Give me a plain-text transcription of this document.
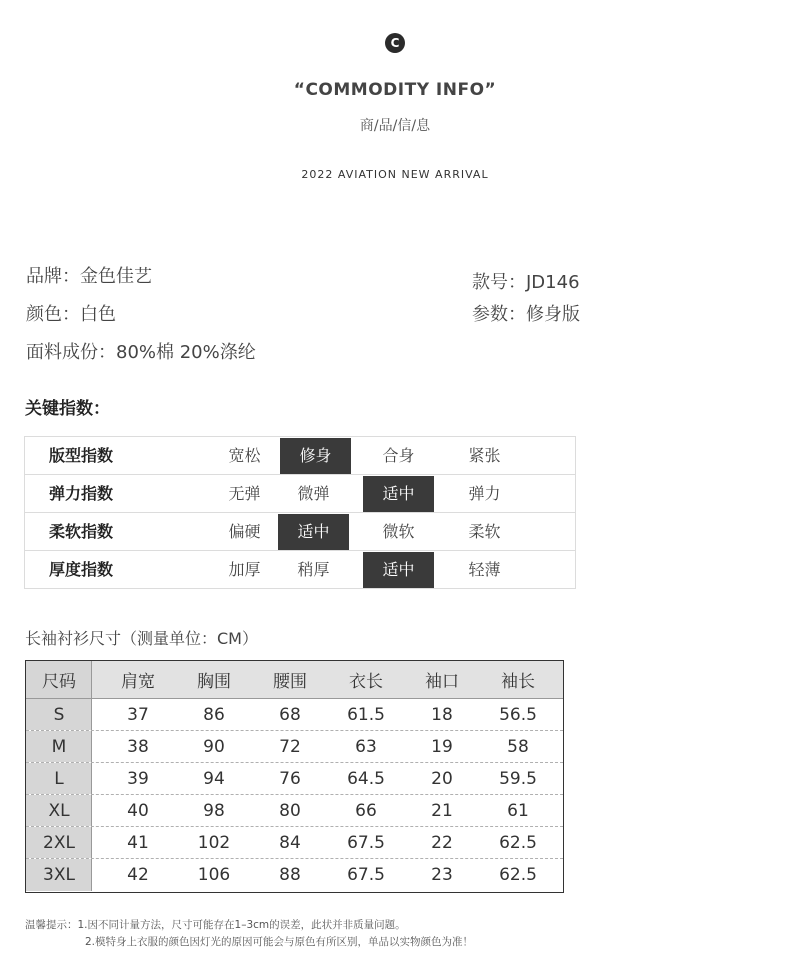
C
“COMMODITY INFO”
商/品/信/息
2022 AVIATION NEW ARRIVAL
品牌：金色佳艺
颜色：白色
面料成份：80%棉 20%涤纶
款号：JD146
参数：修身版
关键指数：
版型指数	宽松	修身	合身	紧张
弹力指数	无弹	微弹	适中	弹力
柔软指数	偏硬	适中	微软	柔软
厚度指数	加厚	稍厚	适中	轻薄
长袖衬衫尺寸（测量单位：CM）
尺码	肩宽	胸围	腰围	衣长	袖口	袖长
S	37	86	68	61.5	18	56.5
M	38	90	72	63	19	58
L	39	94	76	64.5	20	59.5
XL	40	98	80	66	21	61
2XL	41	102	84	67.5	22	62.5
3XL	42	106	88	67.5	23	62.5
温馨提示：1.因不同计量方法，尺寸可能存在1–3cm的误差，此状并非质量问题。
2.模特身上衣服的颜色因灯光的原因可能会与原色有所区别，单品以实物颜色为准！
